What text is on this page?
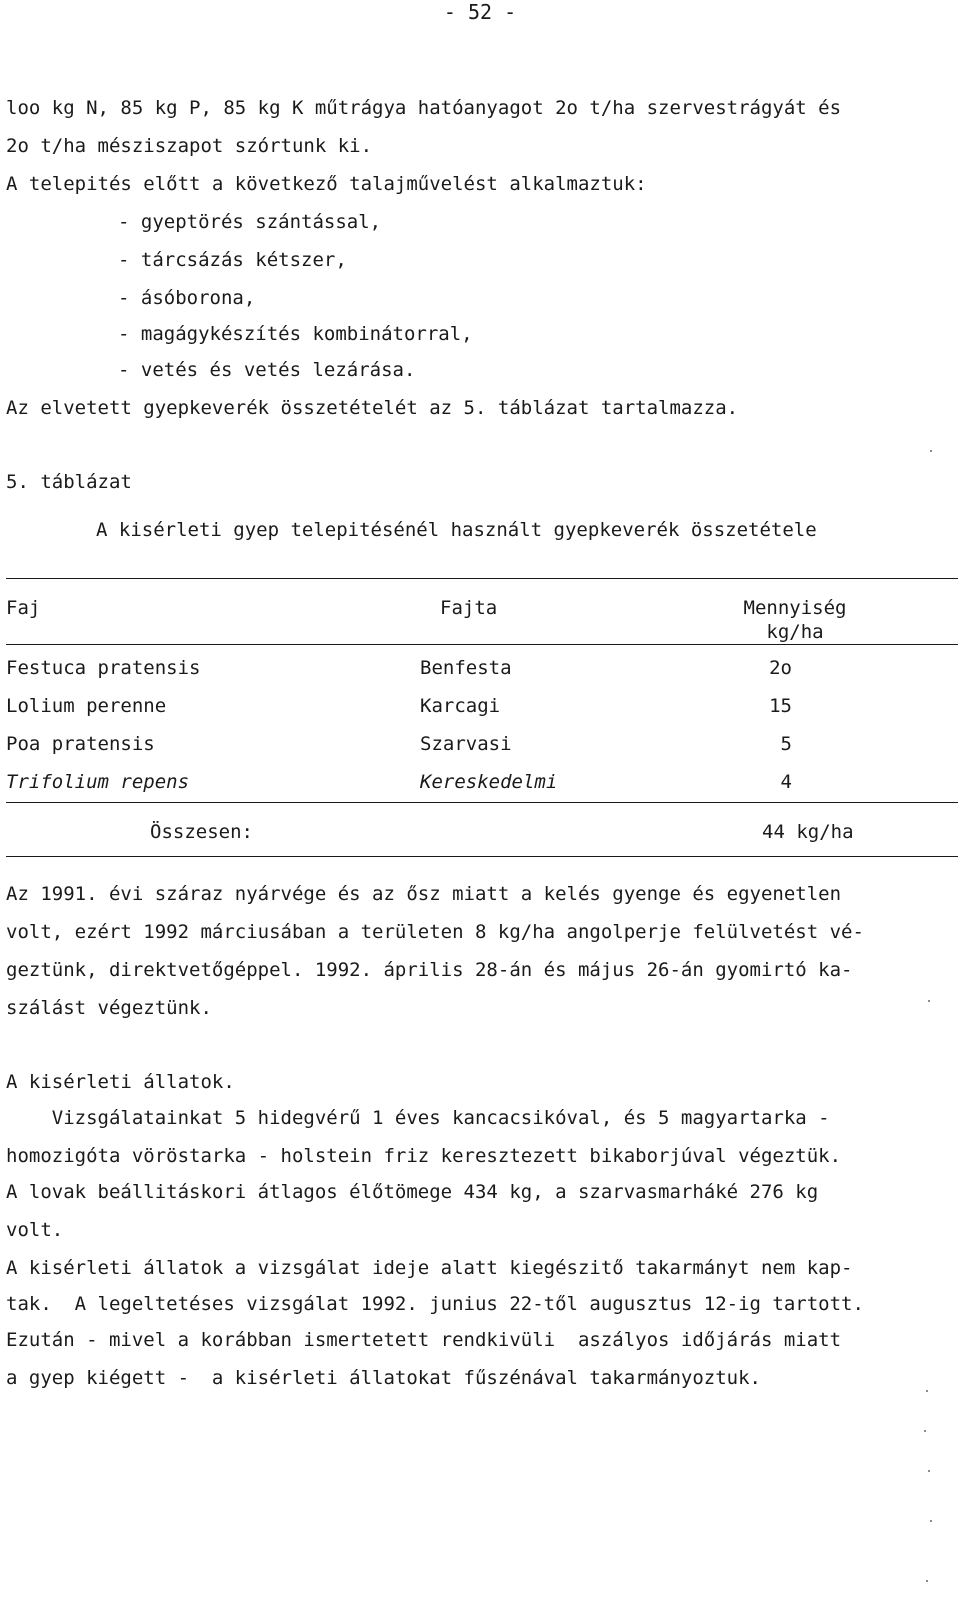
- 52 -
loo kg N, 85 kg P, 85 kg K műtrágya hatóanyagot 2o t/ha szervestrágyát és
2o t/ha mésziszapot szórtunk ki.
A telepités előtt a következő talajművelést alkalmaztuk:
- gyeptörés szántással,
- tárcsázás kétszer,
- ásóborona,
- magágykészítés kombinátorral,
- vetés és vetés lezárása.
Az elvetett gyepkeverék összetételét az 5. táblázat tartalmazza.
5. táblázat
A kisérleti gyep telepitésénél használt gyepkeverék összetétele
Faj	Fajta	Mennyiség
kg/ha
Festuca pratensis	Benfesta	2o
Lolium perenne	Karcagi	15
Poa pratensis	Szarvasi	5
Trifolium repens	Kereskedelmi	4
Összesen:	44 kg/ha
Az 1991. évi száraz nyárvége és az ősz miatt a kelés gyenge és egyenetlen
volt, ezért 1992 márciusában a területen 8 kg/ha angolperje felülvetést vé-
geztünk, direktvetőgéppel. 1992. április 28-án és május 26-án gyomirtó ka-
szálást végeztünk.
A kisérleti állatok.
Vizsgálatainkat 5 hidegvérű 1 éves kancacsikóval, és 5 magyartarka -
homozigóta vöröstarka - holstein friz keresztezett bikaborjúval végeztük.
A lovak beállitáskori átlagos élőtömege 434 kg, a szarvasmarháké 276 kg
volt.
A kisérleti állatok a vizsgálat ideje alatt kiegészitő takarmányt nem kap-
tak.  A legeltetéses vizsgálat 1992. junius 22-től augusztus 12-ig tartott.
Ezután - mivel a korábban ismertetett rendkivüli  aszályos időjárás miatt
a gyep kiégett -  a kisérleti állatokat fűszénával takarmányoztuk.
